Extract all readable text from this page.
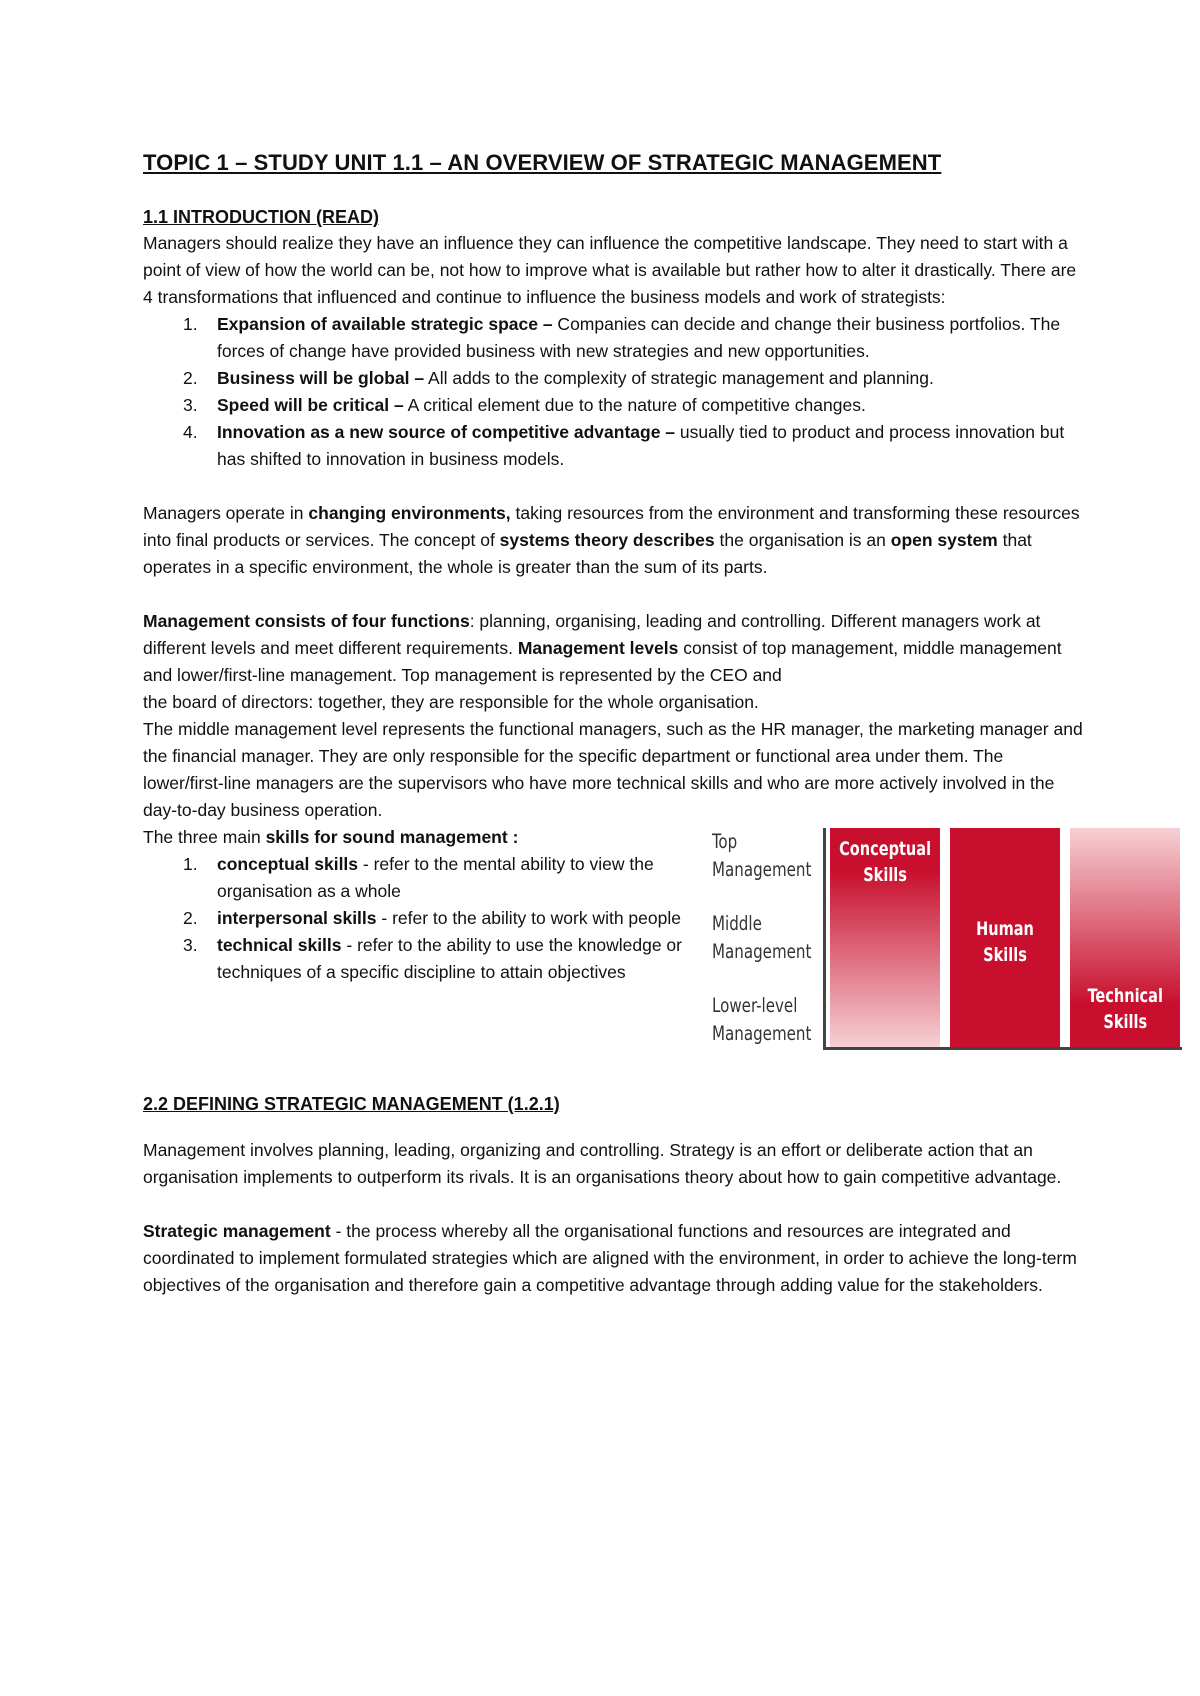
TOPIC 1 – STUDY UNIT 1.1 – AN OVERVIEW OF STRATEGIC MANAGEMENT
1.1 INTRODUCTION (READ)

Managers should realize they have an influence they can influence the competitive landscape. They need to start with a point of view of how the world can be, not how to improve what is available but rather how to alter it drastically. There are 4 transformations that influenced and continue to influence the business models and work of strategists:

1. Expansion of available strategic space – Companies can decide and change their business portfolios. The forces of change have provided business with new strategies and new opportunities.
2. Business will be global – All adds to the complexity of strategic management and planning.
3. Speed will be critical – A critical element due to the nature of competitive changes.
4. Innovation as a new source of competitive advantage – usually tied to product and process innovation but has shifted to innovation in business models.

Managers operate in changing environments, taking resources from the environment and transforming these resources into final products or services. The concept of systems theory describes the organisation is an open system that operates in a specific environment, the whole is greater than the sum of its parts.

Management consists of four functions: planning, organising, leading and controlling. Different managers work at different levels and meet different requirements. Management levels consist of top management, middle management and lower/first-line management. Top management is represented by the CEO and

the board of directors: together, they are responsible for the whole organisation.

The middle management level represents the functional managers, such as the HR manager, the marketing manager and the financial manager. They are only responsible for the specific department or functional area under them. The lower/first-line managers are the supervisors who have more technical skills and who are more actively involved in the day-to-day business operation.

The three main skills for sound management :

1. conceptual skills - refer to the mental ability to view the organisation as a whole
2. interpersonal skills - refer to the ability to work with people
3. technical skills - refer to the ability to use the knowledge or techniques of a specific discipline to attain objectives
Top
Management
Middle
Management
Lower-level
Management
Conceptual
Skills
Human
Skills
Technical
Skills
2.2 DEFINING STRATEGIC MANAGEMENT (1.2.1)

Management involves planning, leading, organizing and controlling. Strategy is an effort or deliberate action that an organisation implements to outperform its rivals. It is an organisations theory about how to gain competitive advantage.

Strategic management - the process whereby all the organisational functions and resources are integrated and coordinated to implement formulated strategies which are aligned with the environment, in order to achieve the long-term objectives of the organisation and therefore gain a competitive advantage through adding value for the stakeholders.
